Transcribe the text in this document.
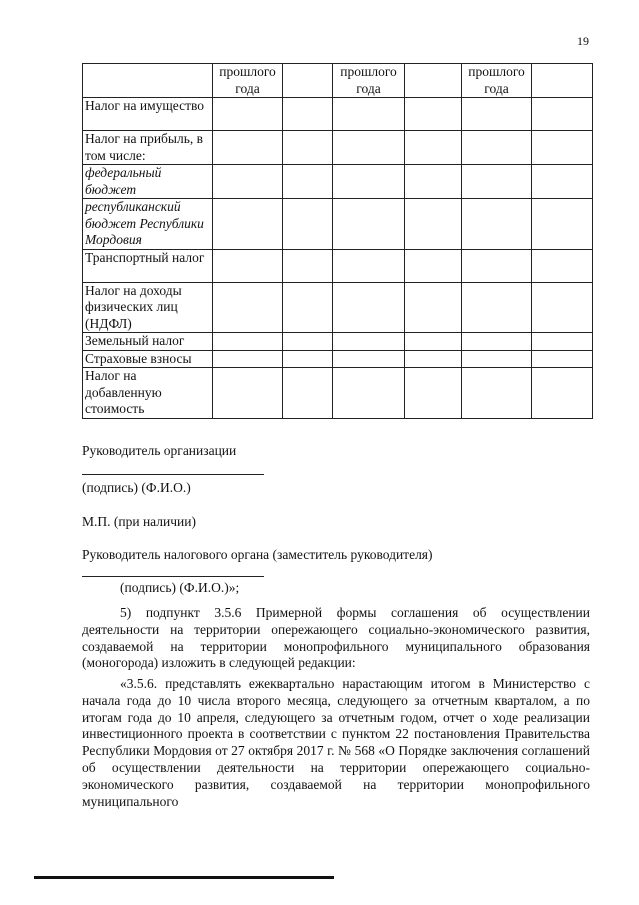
19
	прошлого года		прошлого года		прошлого года	
Налог на имущество						
Налог на прибыль, в том числе:						
федеральный бюджет						
республиканский бюджет Республики Мордовия						
Транспортный налог						
Налог на доходы физических лиц (НДФЛ)						
Земельный налог						
Страховые взносы						
Налог на добавленную стоимость						
Руководитель организации
(подпись) (Ф.И.О.)
М.П. (при наличии)
Руководитель налогового органа (заместитель руководителя)
(подпись) (Ф.И.О.)»;
5) подпункт 3.5.6 Примерной формы соглашения об осуществлении деятельности на территории опережающего социально-экономического развития, создаваемой на территории монопрофильного муниципального образования (моногорода) изложить в следующей редакции:
«3.5.6. представлять ежеквартально нарастающим итогом в Министерство с начала года до 10 числа второго месяца, следующего за отчетным кварталом, а по итогам года до 10 апреля, следующего за отчетным годом, отчет о ходе реализации инвестиционного проекта в соответствии с пунктом 22 постановления Правительства Республики Мордовия от 27 октября 2017 г. № 568 «О Порядке заключения соглашений об осуществлении деятельности на территории опережающего социально-экономического развития, создаваемой на территории монопрофильного муниципального
